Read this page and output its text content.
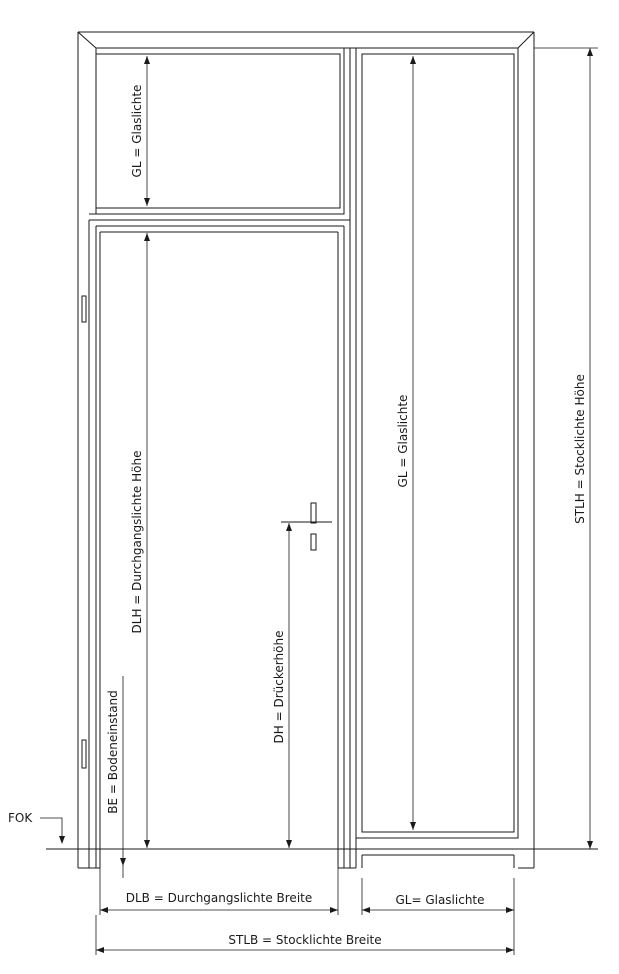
GL = Glaslichte
DLH = Durchgangslichte Höhe
BE = Bodeneinstand
DH = Drückerhöhe
GL = Glaslichte	STLH = Stocklichte Höhe
FOK
DLB = Durchgangslichte Breite	GL= Glaslichte
STLB = Stocklichte Breite
